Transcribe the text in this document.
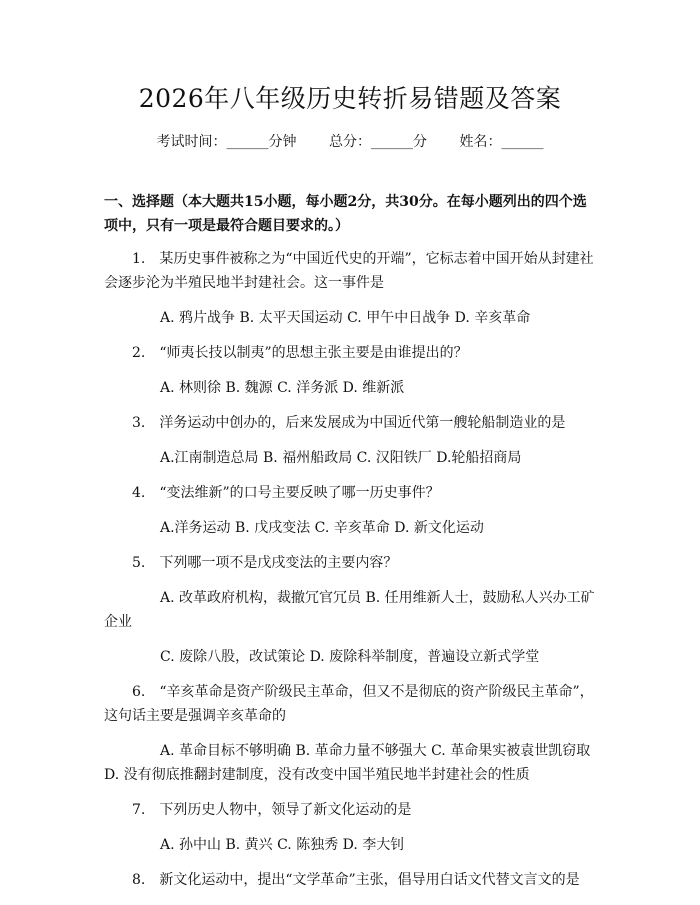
2026年八年级历史转折易错题及答案
考试时间：______分钟 总分：______分 姓名：______
一、选择题（本大题共15小题，每小题2分，共30分。在每小题列出的四个选项中，只有一项是最符合题目要求的。）
1.　某历史事件被称之为“中国近代史的开端”，它标志着中国开始从封建社会逐步沦为半殖民地半封建社会。这一事件是
A. 鸦片战争 B. 太平天国运动 C. 甲午中日战争 D. 辛亥革命
2.　“师夷长技以制夷”的思想主张主要是由谁提出的？
A. 林则徐 B. 魏源 C. 洋务派 D. 维新派
3.　洋务运动中创办的，后来发展成为中国近代第一艘轮船制造业的是
A.江南制造总局 B. 福州船政局 C. 汉阳铁厂 D.轮船招商局
4.　“变法维新”的口号主要反映了哪一历史事件？
A.洋务运动 B. 戊戌变法 C. 辛亥革命 D. 新文化运动
5.　下列哪一项不是戊戌变法的主要内容？
A. 改革政府机构，裁撤冗官冗员 B. 任用维新人士，鼓励私人兴办工矿企业
C. 废除八股，改试策论 D. 废除科举制度，普遍设立新式学堂
6.　“辛亥革命是资产阶级民主革命，但又不是彻底的资产阶级民主革命”，这句话主要是强调辛亥革命的
A. 革命目标不够明确 B. 革命力量不够强大 C. 革命果实被袁世凯窃取 D. 没有彻底推翻封建制度，没有改变中国半殖民地半封建社会的性质
7.　下列历史人物中，领导了新文化运动的是
A. 孙中山 B. 黄兴 C. 陈独秀 D. 李大钊
8.　新文化运动中，提出“文学革命”主张，倡导用白话文代替文言文的是
